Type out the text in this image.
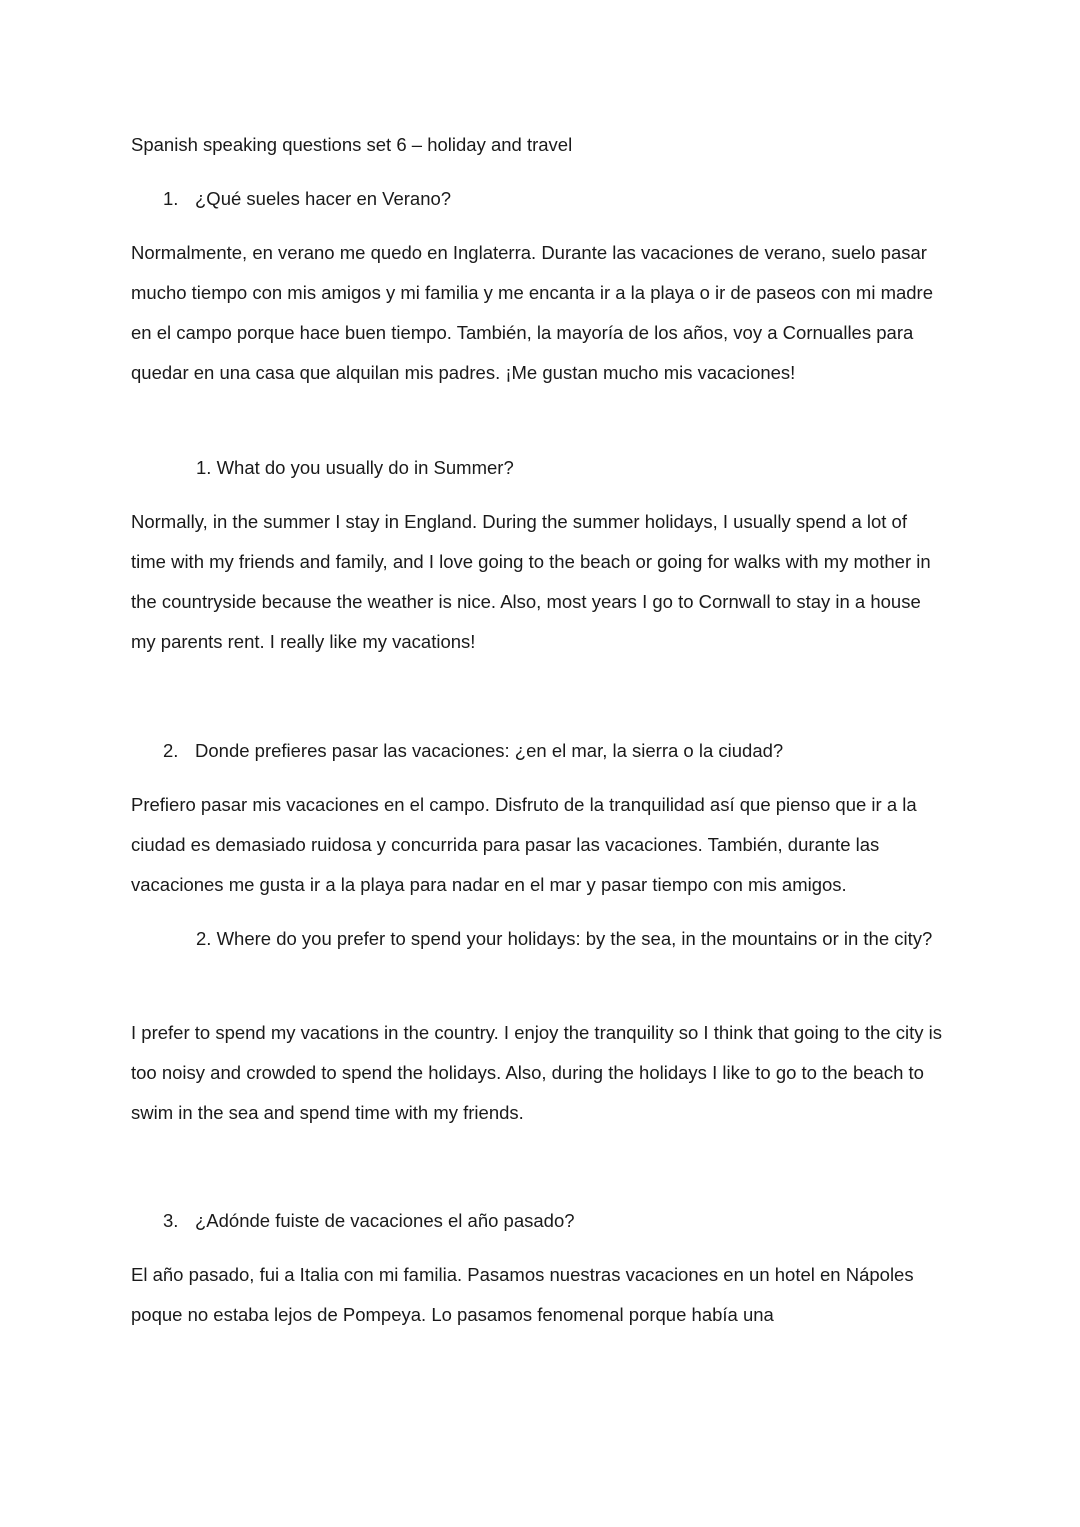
Spanish speaking questions set 6 – holiday and travel

1. ¿Qué sueles hacer en Verano?

Normalmente, en verano me quedo en Inglaterra. Durante las vacaciones de verano, suelo pasar mucho tiempo con mis amigos y mi familia y me encanta ir a la playa o ir de paseos con mi madre en el campo porque hace buen tiempo. También, la mayoría de los años, voy a Cornualles para quedar en una casa que alquilan mis padres. ¡Me gustan mucho mis vacaciones!

1. What do you usually do in Summer?

Normally, in the summer I stay in England. During the summer holidays, I usually spend a lot of time with my friends and family, and I love going to the beach or going for walks with my mother in the countryside because the weather is nice. Also, most years I go to Cornwall to stay in a house my parents rent. I really like my vacations!

2. Donde prefieres pasar las vacaciones: ¿en el mar, la sierra o la ciudad?

Prefiero pasar mis vacaciones en el campo. Disfruto de la tranquilidad así que pienso que ir a la ciudad es demasiado ruidosa y concurrida para pasar las vacaciones. También, durante las vacaciones me gusta ir a la playa para nadar en el mar y pasar tiempo con mis amigos.

2. Where do you prefer to spend your holidays: by the sea, in the mountains or in the city?

I prefer to spend my vacations in the country. I enjoy the tranquility so I think that going to the city is too noisy and crowded to spend the holidays. Also, during the holidays I like to go to the beach to swim in the sea and spend time with my friends.

3. ¿Adónde fuiste de vacaciones el año pasado?

El año pasado, fui a Italia con mi familia. Pasamos nuestras vacaciones en un hotel en Nápoles poque no estaba lejos de Pompeya. Lo pasamos fenomenal porque había una
